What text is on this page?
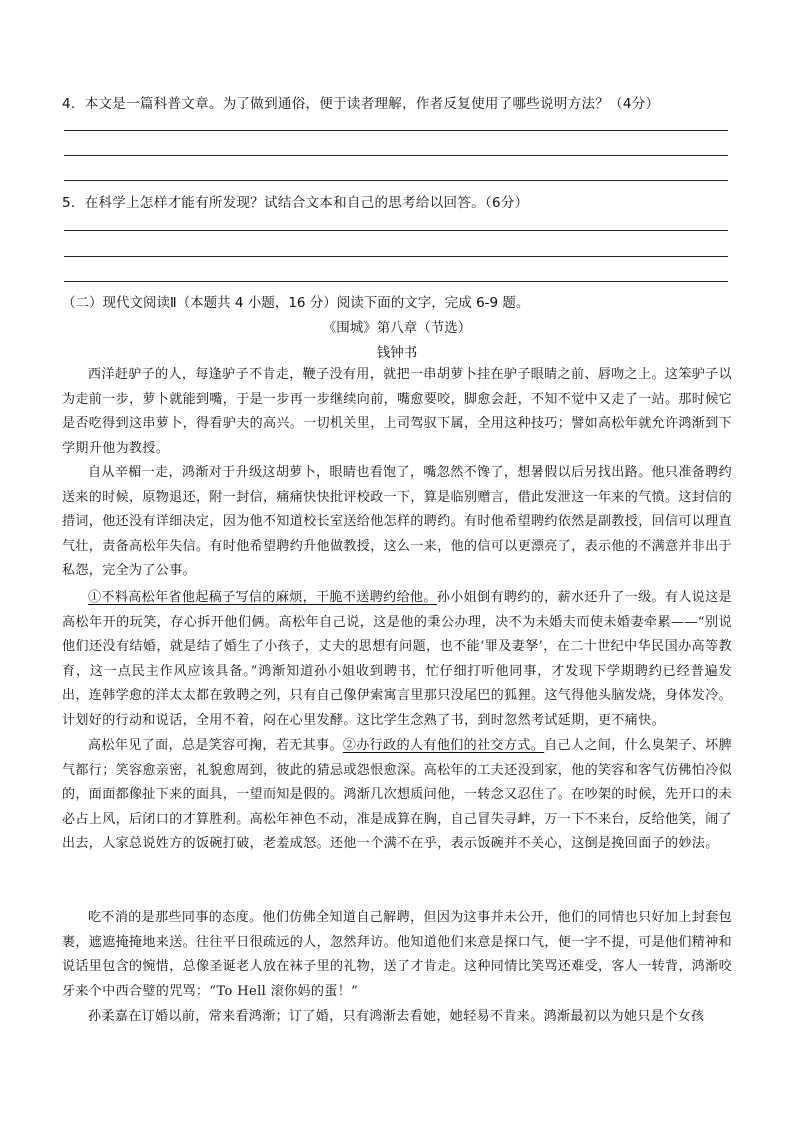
4．本文是一篇科普文章。为了做到通俗，便于读者理解，作者反复使用了哪些说明方法？（4分）
5．在科学上怎样才能有所发现？试结合文本和自己的思考给以回答。（6分）
（二）现代文阅读Ⅱ（本题共 4 小题，16 分）阅读下面的文字，完成 6-9 题。
《围城》第八章（节选）
钱钟书
西洋赶驴子的人，每逢驴子不肯走，鞭子没有用，就把一串胡萝卜挂在驴子眼睛之前、唇吻之上。这笨驴子以为走前一步，萝卜就能到嘴，于是一步再一步继续向前，嘴愈要咬，脚愈会赶，不知不觉中又走了一站。那时候它是否吃得到这串萝卜，得看驴夫的高兴。一切机关里，上司驾驭下属，全用这种技巧；譬如高松年就允许鸿渐到下学期升他为教授。
自从辛楣一走，鸿渐对于升级这胡萝卜，眼睛也看饱了，嘴忽然不馋了，想暑假以后另找出路。他只准备聘约送来的时候，原物退还，附一封信，痛痛快快批评校政一下，算是临别赠言，借此发泄这一年来的气愤。这封信的措词，他还没有详细决定，因为他不知道校长室送给他怎样的聘约。有时他希望聘约依然是副教授，回信可以理直气壮，责备高松年失信。有时他希望聘约升他做教授，这么一来，他的信可以更漂亮了，表示他的不满意并非出于私怨，完全为了公事。
①不料高松年省他起稿子写信的麻烦，干脆不送聘约给他。孙小姐倒有聘约的，薪水还升了一级。有人说这是高松年开的玩笑，存心拆开他们俩。高松年自己说，这是他的秉公办理，决不为未婚夫而使未婚妻牵累——“别说他们还没有结婚，就是结了婚生了小孩子，丈夫的思想有问题，也不能‘罪及妻孥’，在二十世纪中华民国办高等教育，这一点民主作风应该具备。”鸿渐知道孙小姐收到聘书，忙仔细打听他同事，才发现下学期聘约已经普遍发出，连韩学愈的洋太太都在敦聘之列，只有自己像伊索寓言里那只没尾巴的狐狸。这气得他头脑发烧，身体发冷。计划好的行动和说话，全用不着，闷在心里发酵。这比学生念熟了书，到时忽然考试延期，更不痛快。
高松年见了面，总是笑容可掬，若无其事。②办行政的人有他们的社交方式。自己人之间，什么臭架子、坏脾气都行；笑容愈亲密，礼貌愈周到，彼此的猜忌或怨恨愈深。高松年的工夫还没到家，他的笑容和客气仿佛怕冷似的，面面都像扯下来的面具，一望而知是假的。鸿渐几次想质问他，一转念又忍住了。在吵架的时候，先开口的未必占上风，后闭口的才算胜利。高松年神色不动，准是成算在胸，自己冒失寻衅，万一下不来台，反给他笑，闹了出去，人家总说姓方的饭碗打破，老羞成怒。还他一个满不在乎，表示饭碗并不关心，这倒是挽回面子的妙法。
吃不消的是那些同事的态度。他们仿佛全知道自己解聘，但因为这事并未公开，他们的同情也只好加上封套包裹，遮遮掩掩地来送。往往平日很疏远的人，忽然拜访。他知道他们来意是探口气，便一字不提，可是他们精神和说话里包含的惋惜，总像圣诞老人放在袜子里的礼物，送了才肯走。这种同情比笑骂还难受，客人一转背，鸿渐咬牙来个中西合璧的咒骂：“To Hell 滚你妈的蛋！”
孙柔嘉在订婚以前，常来看鸿渐；订了婚，只有鸿渐去看她，她轻易不肯来。鸿渐最初以为她只是个女孩
